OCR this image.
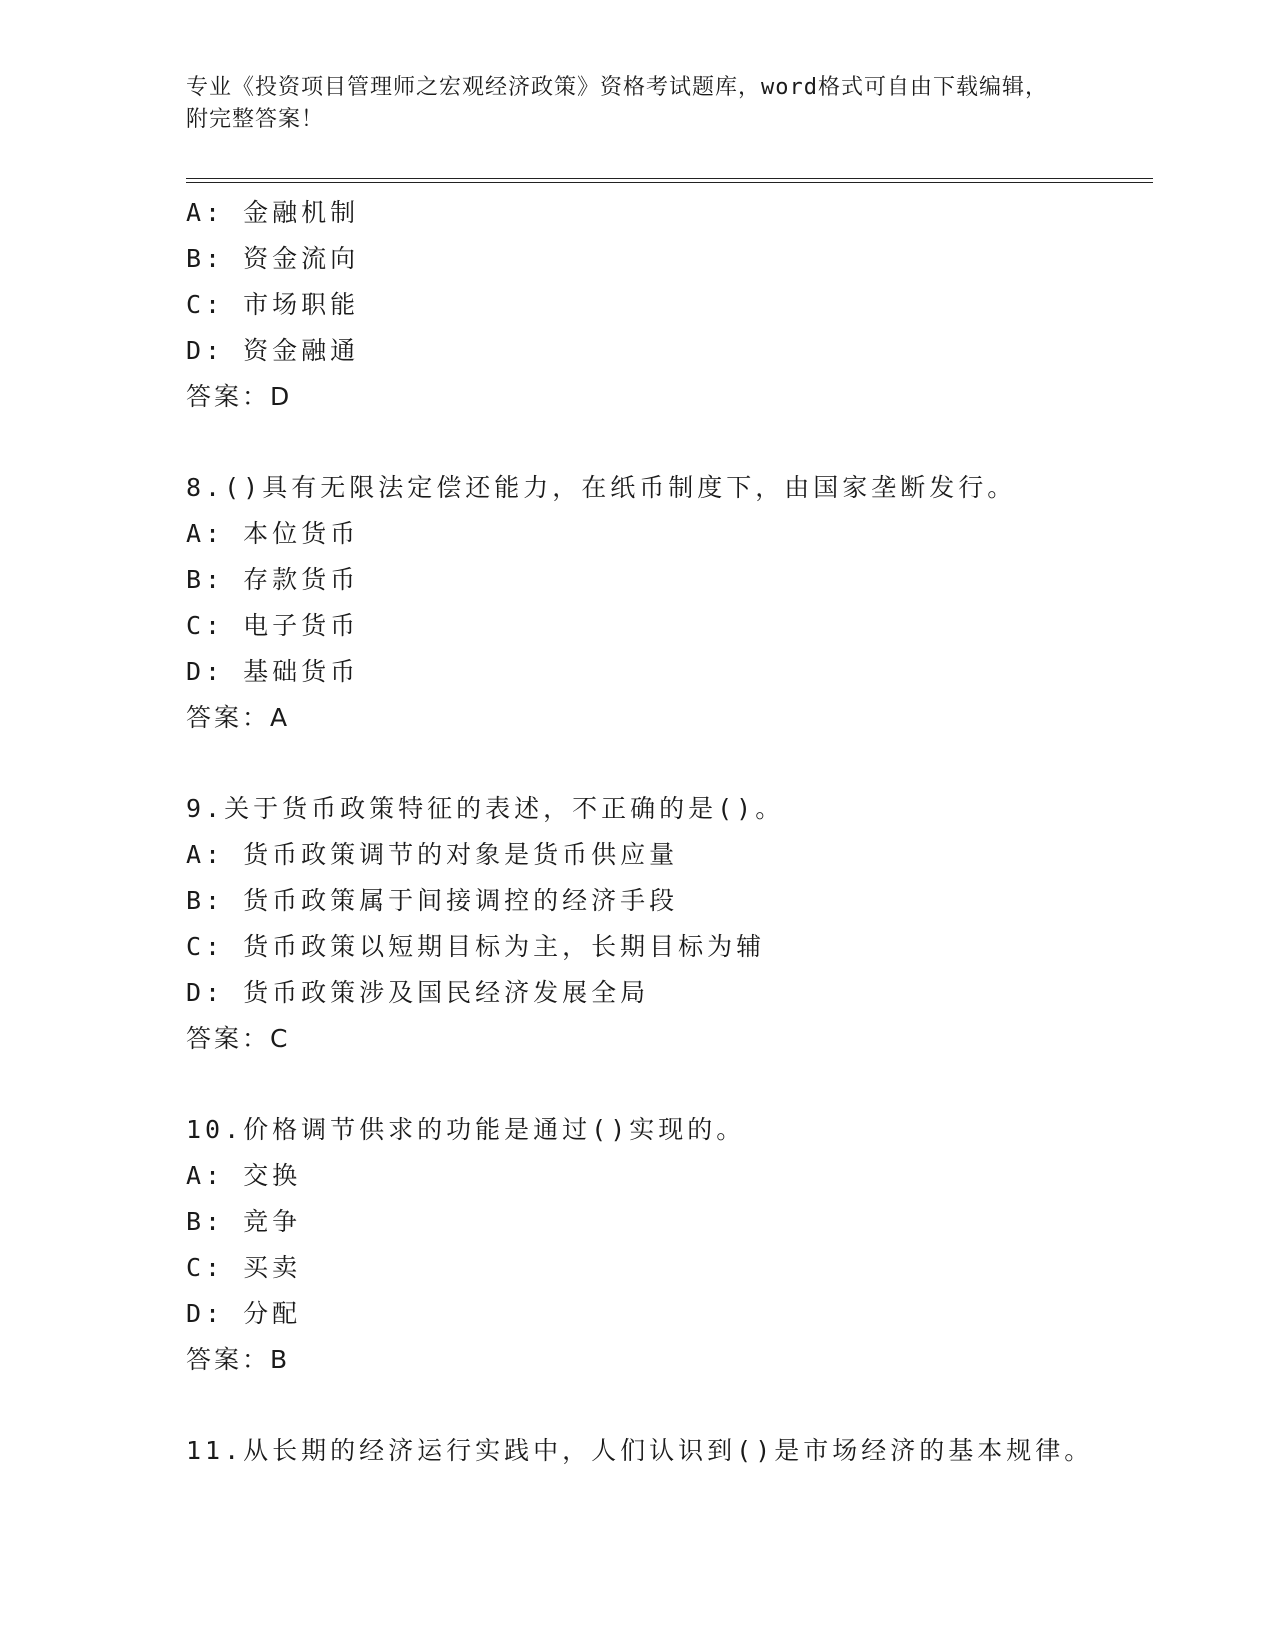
专业《投资项目管理师之宏观经济政策》资格考试题库，word格式可自由下载编辑，附完整答案！

A: 金融机制
B: 资金流向
C: 市场职能
D: 资金融通
答案：D
8.()具有无限法定偿还能力，在纸币制度下，由国家垄断发行。
A: 本位货币
B: 存款货币
C: 电子货币
D: 基础货币
答案：A
9.关于货币政策特征的表述，不正确的是()。
A: 货币政策调节的对象是货币供应量
B: 货币政策属于间接调控的经济手段
C: 货币政策以短期目标为主，长期目标为辅
D: 货币政策涉及国民经济发展全局
答案：C
10.价格调节供求的功能是通过()实现的。
A: 交换
B: 竞争
C: 买卖
D: 分配
答案：B
11.从长期的经济运行实践中，人们认识到()是市场经济的基本规律。
